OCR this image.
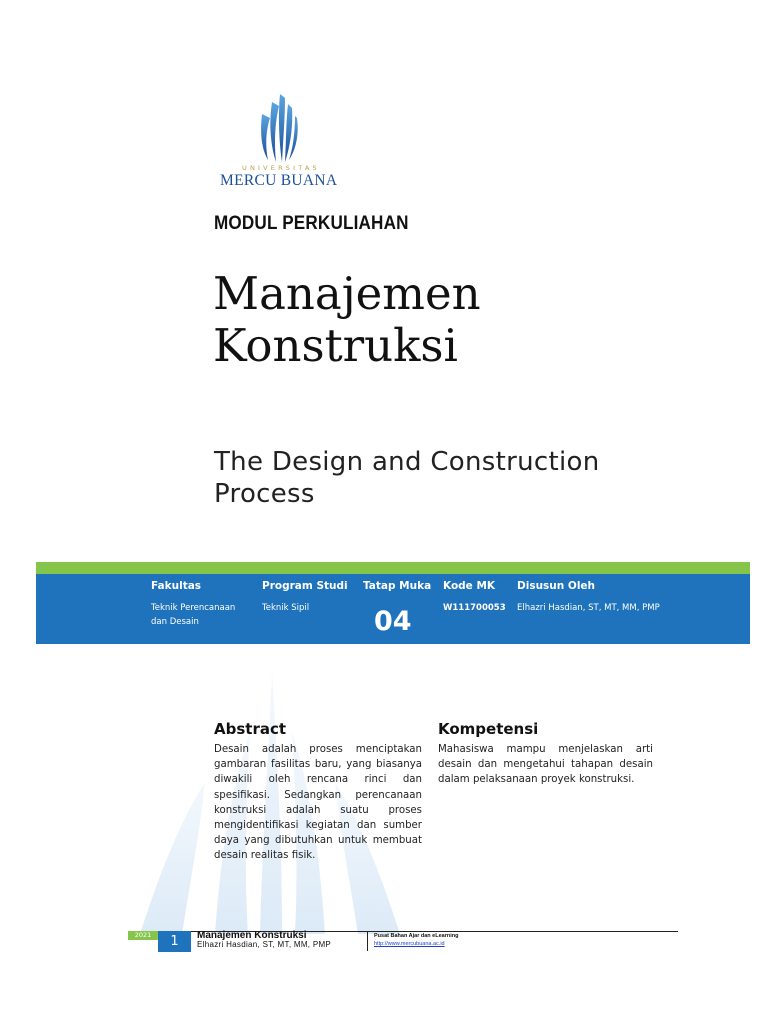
UNIVERSITAS
MERCU BUANA
MODUL PERKULIAHAN
Manajemen
Konstruksi
The Design and Construction
Process
Fakultas
Teknik Perencanaan
dan Desain
Program Studi
Teknik Sipil
Tatap Muka
04
Kode MK
W111700053
Disusun Oleh
Elhazri Hasdian, ST, MT, MM, PMP
Abstract
Desain adalah proses menciptakan gambaran fasilitas baru, yang biasanya diwakili oleh rencana rinci dan spesifikasi. Sedangkan perencanaan konstruksi adalah suatu proses mengidentifikasi kegiatan dan sumber daya yang dibutuhkan untuk membuat desain realitas fisik.
Kompetensi
Mahasiswa mampu menjelaskan arti desain dan mengetahui tahapan desain dalam pelaksanaan proyek konstruksi.
2021	1	Manajemen Konstruksi
Elhazri Hasdian, ST, MT, MM, PMP
Pusat Bahan Ajar dan eLearning
http://www.mercubuana.ac.id
